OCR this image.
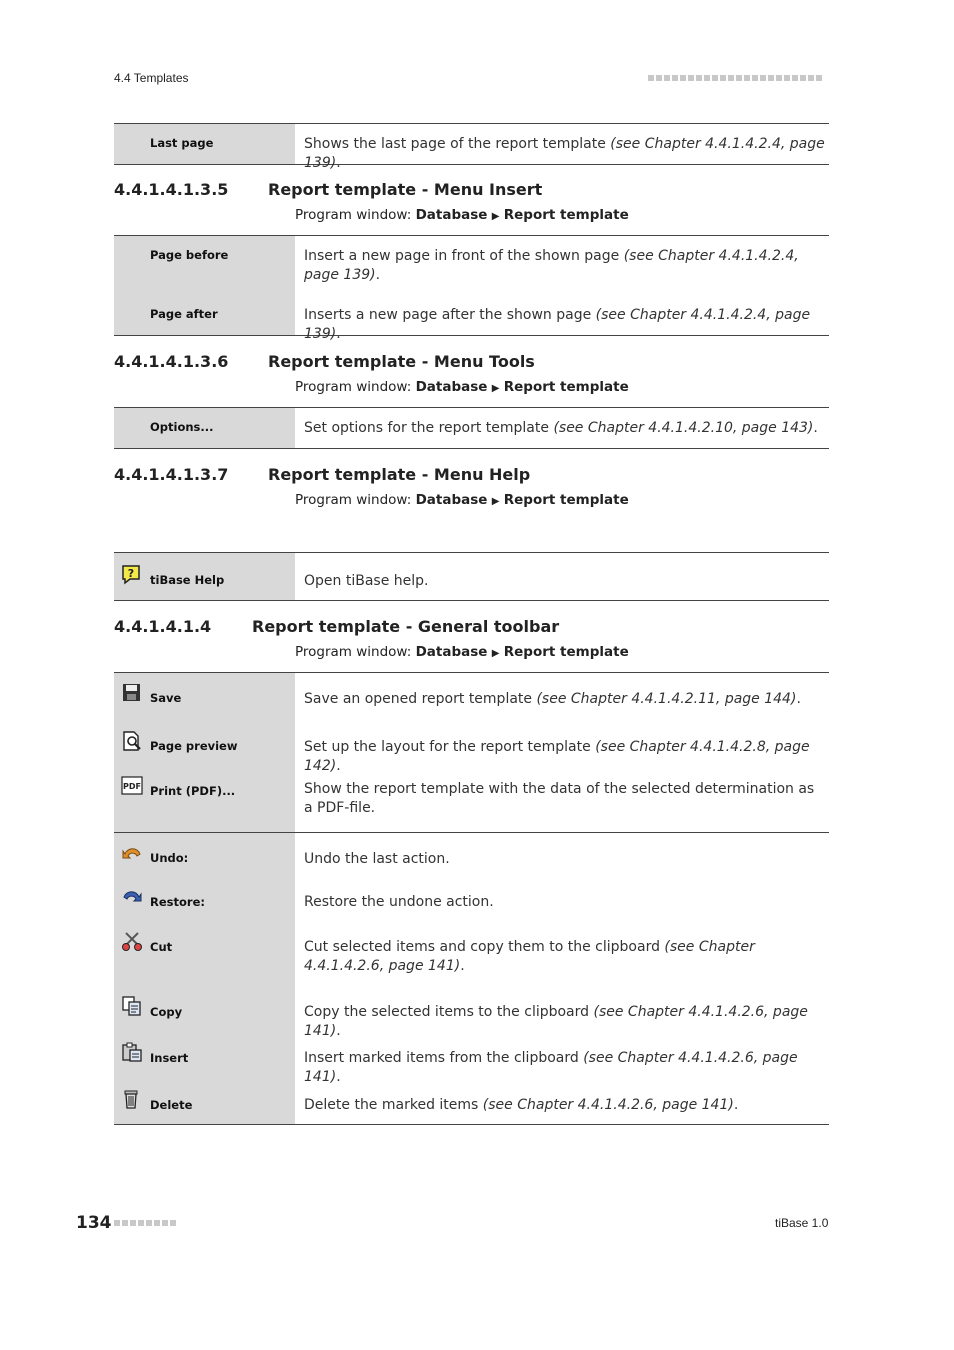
4.4 Templates
Last page	Shows the last page of the report template (see Chapter 4.4.1.4.2.4, page 139).
4.4.1.4.1.3.5 Report template - Menu Insert
Program window: Database ▶ Report template
Page before	Insert a new page in front of the shown page (see Chapter 4.4.1.4.2.4, page 139).
Page after	Inserts a new page after the shown page (see Chapter 4.4.1.4.2.4, page 139).
4.4.1.4.1.3.6 Report template - Menu Tools
Program window: Database ▶ Report template
Options...	Set options for the report template (see Chapter 4.4.1.4.2.10, page 143).
4.4.1.4.1.3.7 Report template - Menu Help
Program window: Database ▶ Report template
? tiBase Help	Open tiBase help.
4.4.1.4.1.4	Report template - General toolbar
Program window: Database ▶ Report template
Save	Save an opened report template (see Chapter 4.4.1.4.2.11, page 144).
Page preview	Set up the layout for the report template (see Chapter 4.4.1.4.2.8, page 142).
PDF Print (PDF)...	Show the report template with the data of the selected determination as a PDF-file.
Undo:	Undo the last action.
Restore:	Restore the undone action.
Cut	Cut selected items and copy them to the clipboard (see Chapter 4.4.1.4.2.6, page 141).
Copy	Copy the selected items to the clipboard (see Chapter 4.4.1.4.2.6, page 141).
Insert	Insert marked items from the clipboard (see Chapter 4.4.1.4.2.6, page 141).
Delete	Delete the marked items (see Chapter 4.4.1.4.2.6, page 141).
134	tiBase 1.0
